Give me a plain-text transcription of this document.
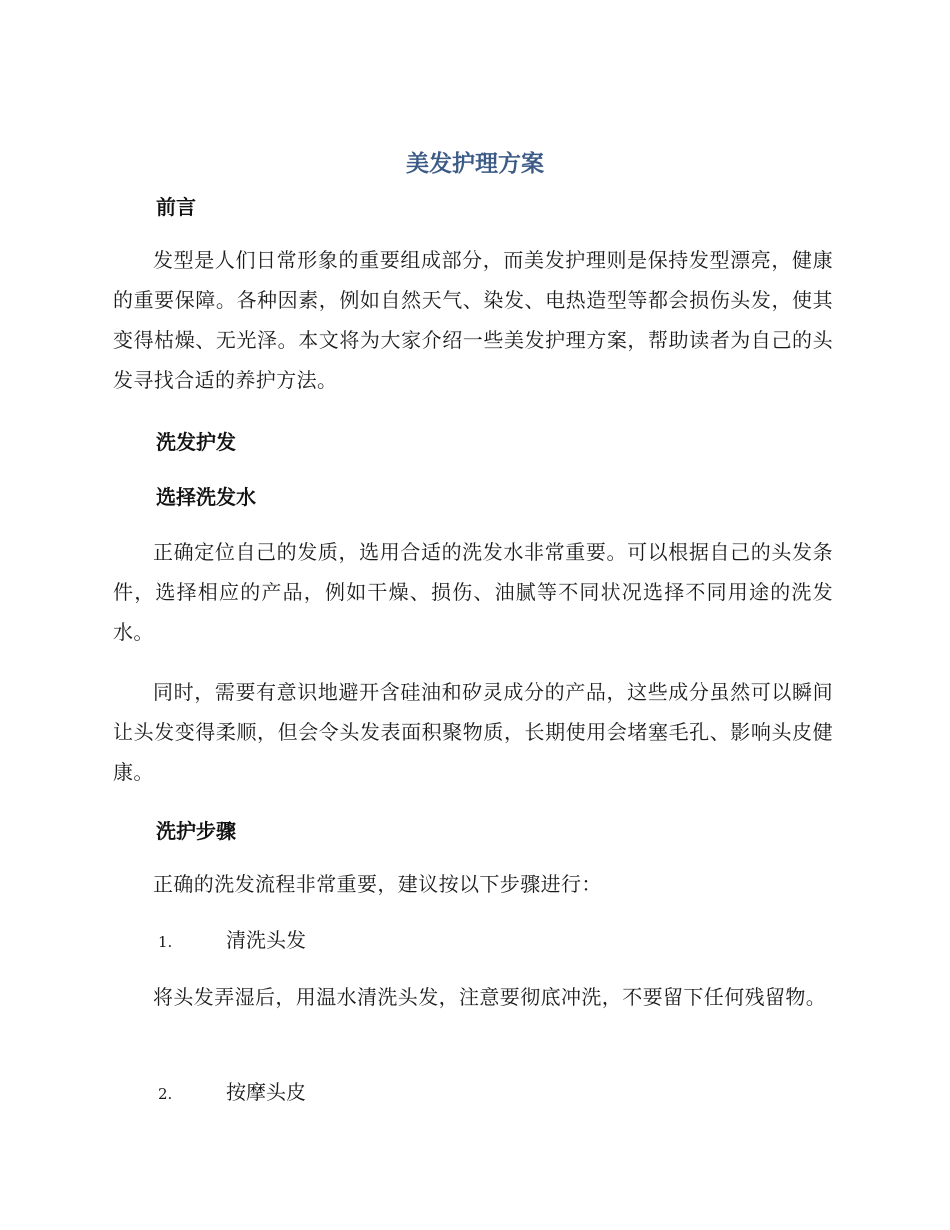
美发护理方案
前言
发型是人们日常形象的重要组成部分，而美发护理则是保持发型漂亮，健康的重要保障。各种因素，例如自然天气、染发、电热造型等都会损伤头发，使其变得枯燥、无光泽。本文将为大家介绍一些美发护理方案，帮助读者为自己的头发寻找合适的养护方法。
洗发护发
选择洗发水
正确定位自己的发质，选用合适的洗发水非常重要。可以根据自己的头发条件，选择相应的产品，例如干燥、损伤、油腻等不同状况选择不同用途的洗发水。
同时，需要有意识地避开含硅油和矽灵成分的产品，这些成分虽然可以瞬间让头发变得柔顺，但会令头发表面积聚物质，长期使用会堵塞毛孔、影响头皮健康。
洗护步骤
正确的洗发流程非常重要，建议按以下步骤进行：
1.	清洗头发
将头发弄湿后，用温水清洗头发，注意要彻底冲洗，不要留下任何残留物。
2.	按摩头皮
